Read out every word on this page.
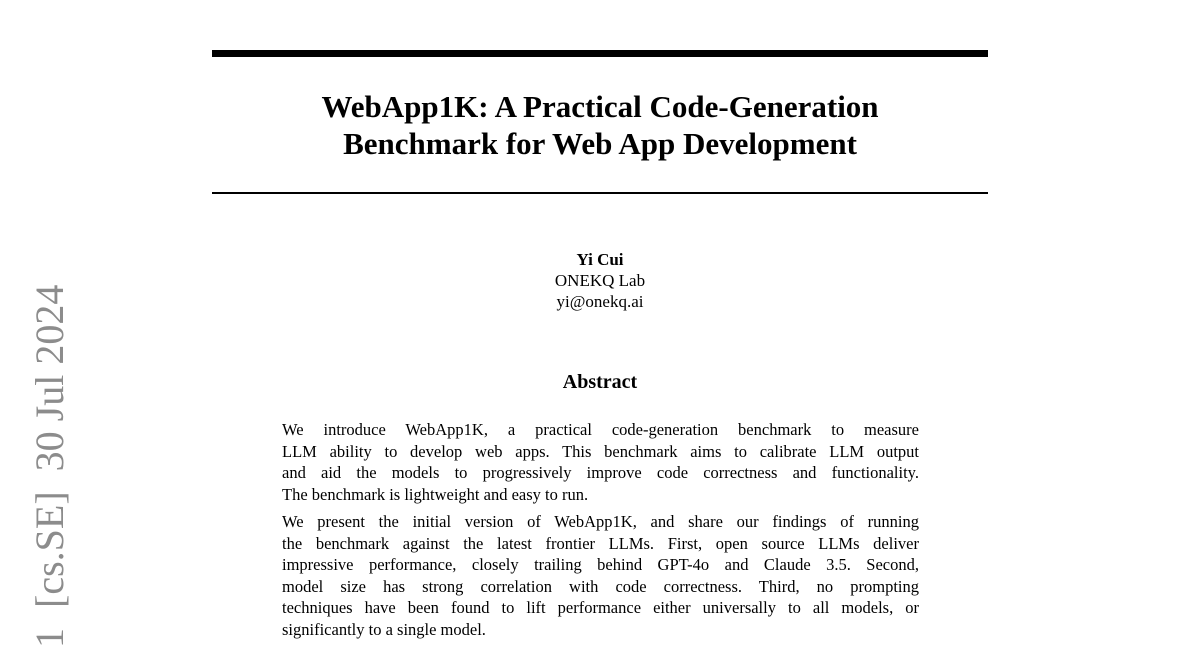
WebApp1K: A Practical Code-Generation
Benchmark for Web App Development
Yi Cui
ONEKQ Lab
yi@onekq.ai
Abstract

We introduce WebApp1K, a practical code-generation benchmark to measure
LLM ability to develop web apps. This benchmark aims to calibrate LLM output
and aid the models to progressively improve code correctness and functionality.
The benchmark is lightweight and easy to run.

We present the initial version of WebApp1K, and share our findings of running
the benchmark against the latest frontier LLMs. First, open source LLMs deliver
impressive performance, closely trailing behind GPT-4o and Claude 3.5. Second,
model size has strong correlation with code correctness. Third, no prompting
techniques have been found to lift performance either universally to all models, or
significantly to a single model.

1  [cs.SE]  30 Jul 2024
